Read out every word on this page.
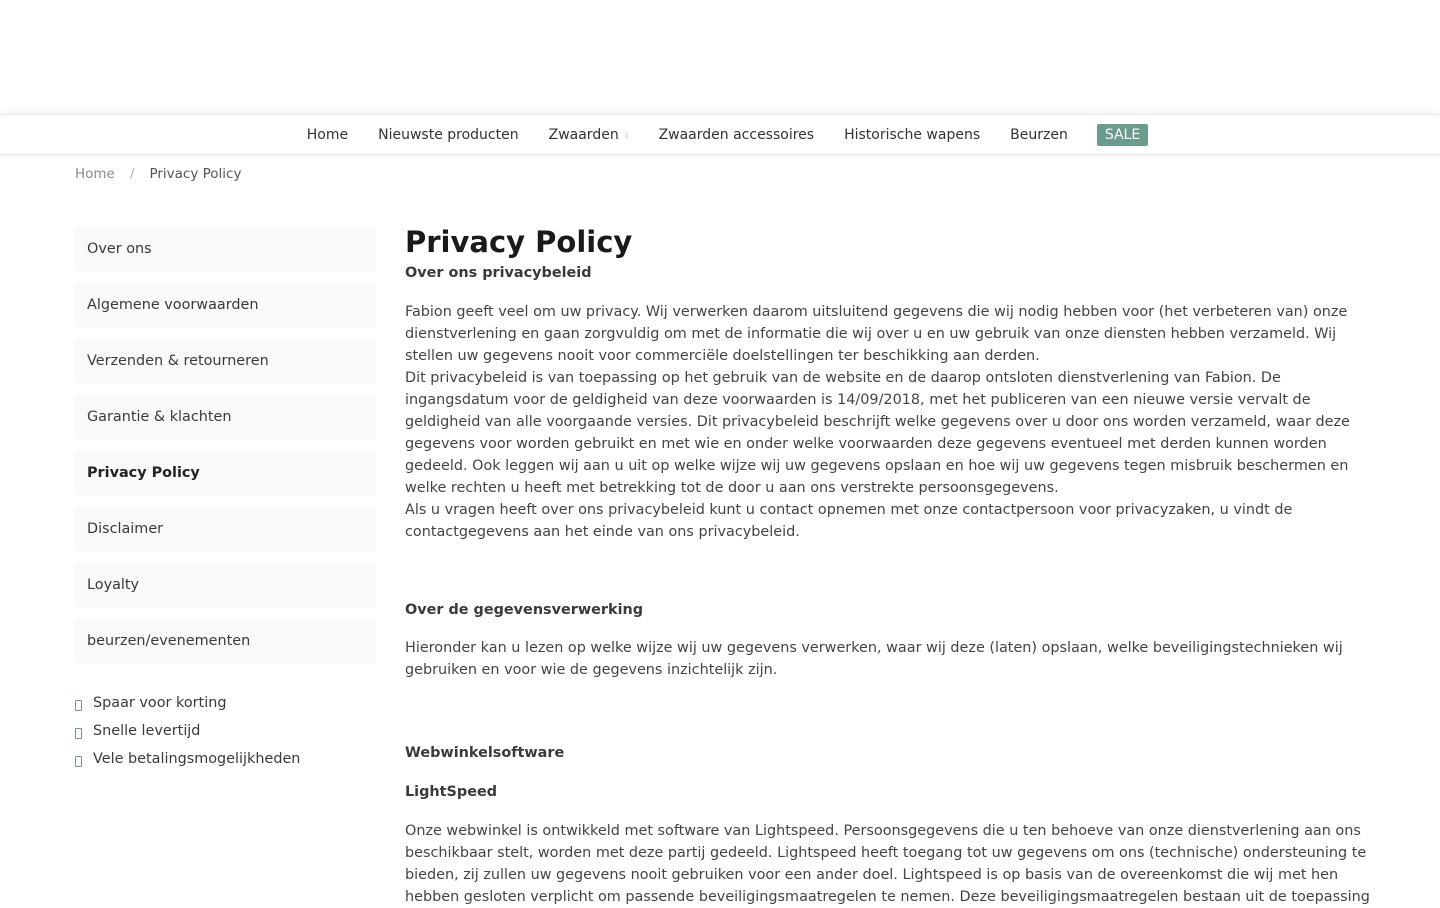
Home Nieuwste producten Zwaarden ▯ Zwaarden accessoires Historische wapens Beurzen	SALE
Home / Privacy Policy
Over ons
Algemene voorwaarden
Verzenden & retourneren
Garantie & klachten
Privacy Policy
Disclaimer
Loyalty
beurzen/evenementen
Spaar voor korting
Snelle levertijd
Vele betalingsmogelijkheden
Privacy Policy
Over ons privacybeleid

Fabion geeft veel om uw privacy. Wij verwerken daarom uitsluitend gegevens die wij nodig hebben voor (het verbeteren van) onze dienstverlening en gaan zorgvuldig om met de informatie die wij over u en uw gebruik van onze diensten hebben verzameld. Wij stellen uw gegevens nooit voor commerciële doelstellingen ter beschikking aan derden.

Dit privacybeleid is van toepassing op het gebruik van de website en de daarop ontsloten dienstverlening van Fabion. De ingangsdatum voor de geldigheid van deze voorwaarden is 14/09/2018, met het publiceren van een nieuwe versie vervalt de geldigheid van alle voorgaande versies. Dit privacybeleid beschrijft welke gegevens over u door ons worden verzameld, waar deze gegevens voor worden gebruikt en met wie en onder welke voorwaarden deze gegevens eventueel met derden kunnen worden gedeeld. Ook leggen wij aan u uit op welke wijze wij uw gegevens opslaan en hoe wij uw gegevens tegen misbruik beschermen en welke rechten u heeft met betrekking tot de door u aan ons verstrekte persoonsgegevens.

Als u vragen heeft over ons privacybeleid kunt u contact opnemen met onze contactpersoon voor privacyzaken, u vindt de contactgegevens aan het einde van ons privacybeleid.

Over de gegevensverwerking

Hieronder kan u lezen op welke wijze wij uw gegevens verwerken, waar wij deze (laten) opslaan, welke beveiligingstechnieken wij gebruiken en voor wie de gegevens inzichtelijk zijn.

Webwinkelsoftware
LightSpeed

Onze webwinkel is ontwikkeld met software van Lightspeed. Persoonsgegevens die u ten behoeve van onze dienstverlening aan ons beschikbaar stelt, worden met deze partij gedeeld. Lightspeed heeft toegang tot uw gegevens om ons (technische) ondersteuning te bieden, zij zullen uw gegevens nooit gebruiken voor een ander doel. Lightspeed is op basis van de overeenkomst die wij met hen hebben gesloten verplicht om passende beveiligingsmaatregelen te nemen. Deze beveiligingsmaatregelen bestaan uit de toepassing
